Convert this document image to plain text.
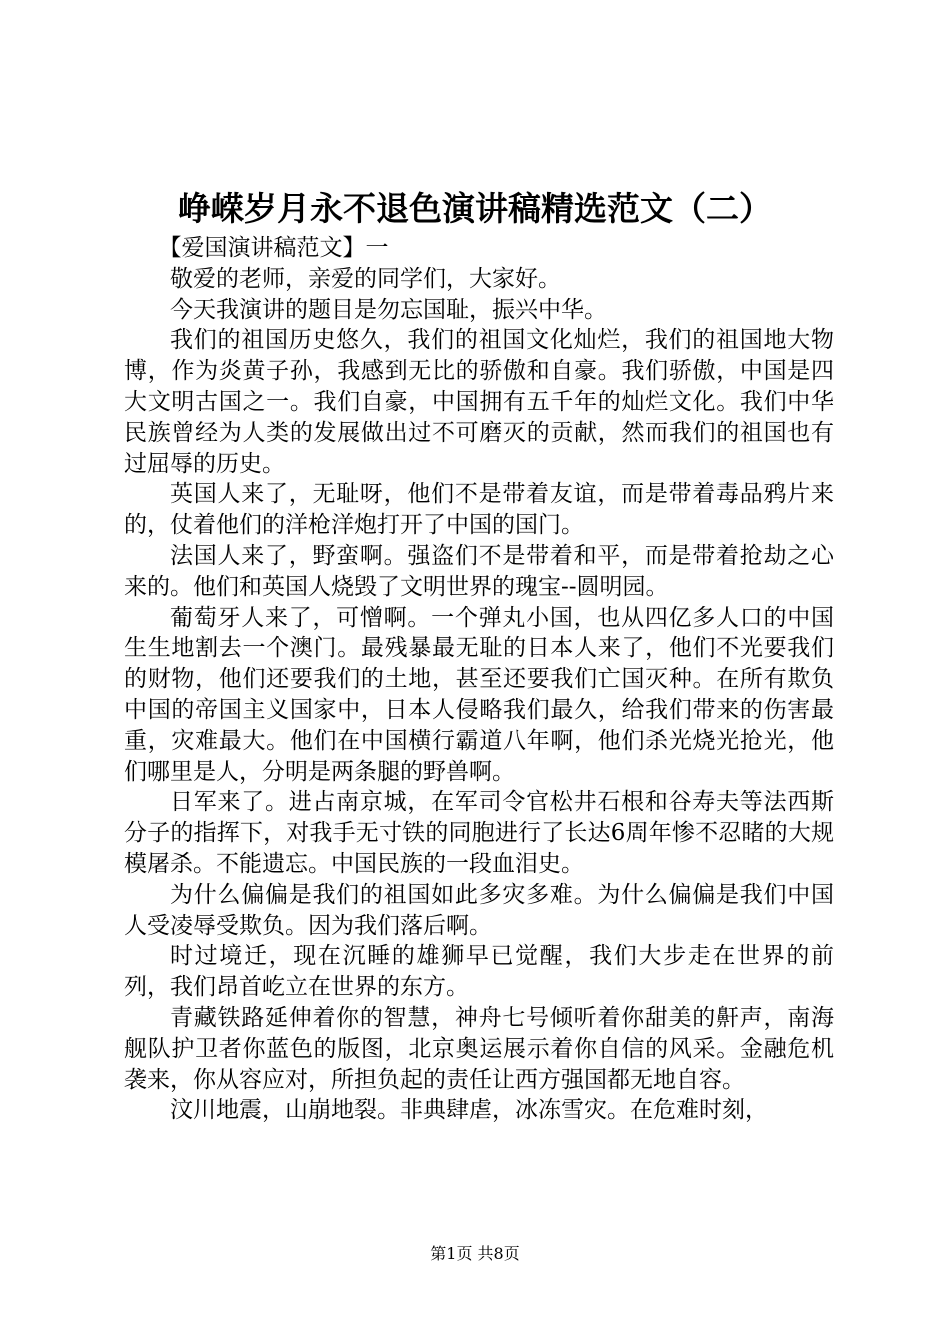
峥嵘岁月永不退色演讲稿精选范文（二）

【爱国演讲稿范文】一

敬爱的老师，亲爱的同学们，大家好。

今天我演讲的题目是勿忘国耻，振兴中华。

我们的祖国历史悠久，我们的祖国文化灿烂，我们的祖国地大物博，作为炎黄子孙，我感到无比的骄傲和自豪。我们骄傲，中国是四大文明古国之一。我们自豪，中国拥有五千年的灿烂文化。我们中华民族曾经为人类的发展做出过不可磨灭的贡献，然而我们的祖国也有过屈辱的历史。

英国人来了，无耻呀，他们不是带着友谊，而是带着毒品鸦片来的，仗着他们的洋枪洋炮打开了中国的国门。

法国人来了，野蛮啊。强盗们不是带着和平，而是带着抢劫之心来的。他们和英国人烧毁了文明世界的瑰宝--圆明园。

葡萄牙人来了，可憎啊。一个弹丸小国，也从四亿多人口的中国生生地割去一个澳门。最残暴最无耻的日本人来了，他们不光要我们的财物，他们还要我们的土地，甚至还要我们亡国灭种。在所有欺负中国的帝国主义国家中，日本人侵略我们最久，给我们带来的伤害最重，灾难最大。他们在中国横行霸道八年啊，他们杀光烧光抢光，他们哪里是人，分明是两条腿的野兽啊。

日军来了。进占南京城，在军司令官松井石根和谷寿夫等法西斯分子的指挥下，对我手无寸铁的同胞进行了长达6周年惨不忍睹的大规模屠杀。不能遗忘。中国民族的一段血泪史。

为什么偏偏是我们的祖国如此多灾多难。为什么偏偏是我们中国人受凌辱受欺负。因为我们落后啊。

时过境迁，现在沉睡的雄狮早已觉醒，我们大步走在世界的前列，我们昂首屹立在世界的东方。

青藏铁路延伸着你的智慧，神舟七号倾听着你甜美的鼾声，南海舰队护卫者你蓝色的版图，北京奥运展示着你自信的风采。金融危机袭来，你从容应对，所担负起的责任让西方强国都无地自容。

汶川地震，山崩地裂。非典肆虐，冰冻雪灾。在危难时刻，

第1页 共8页
